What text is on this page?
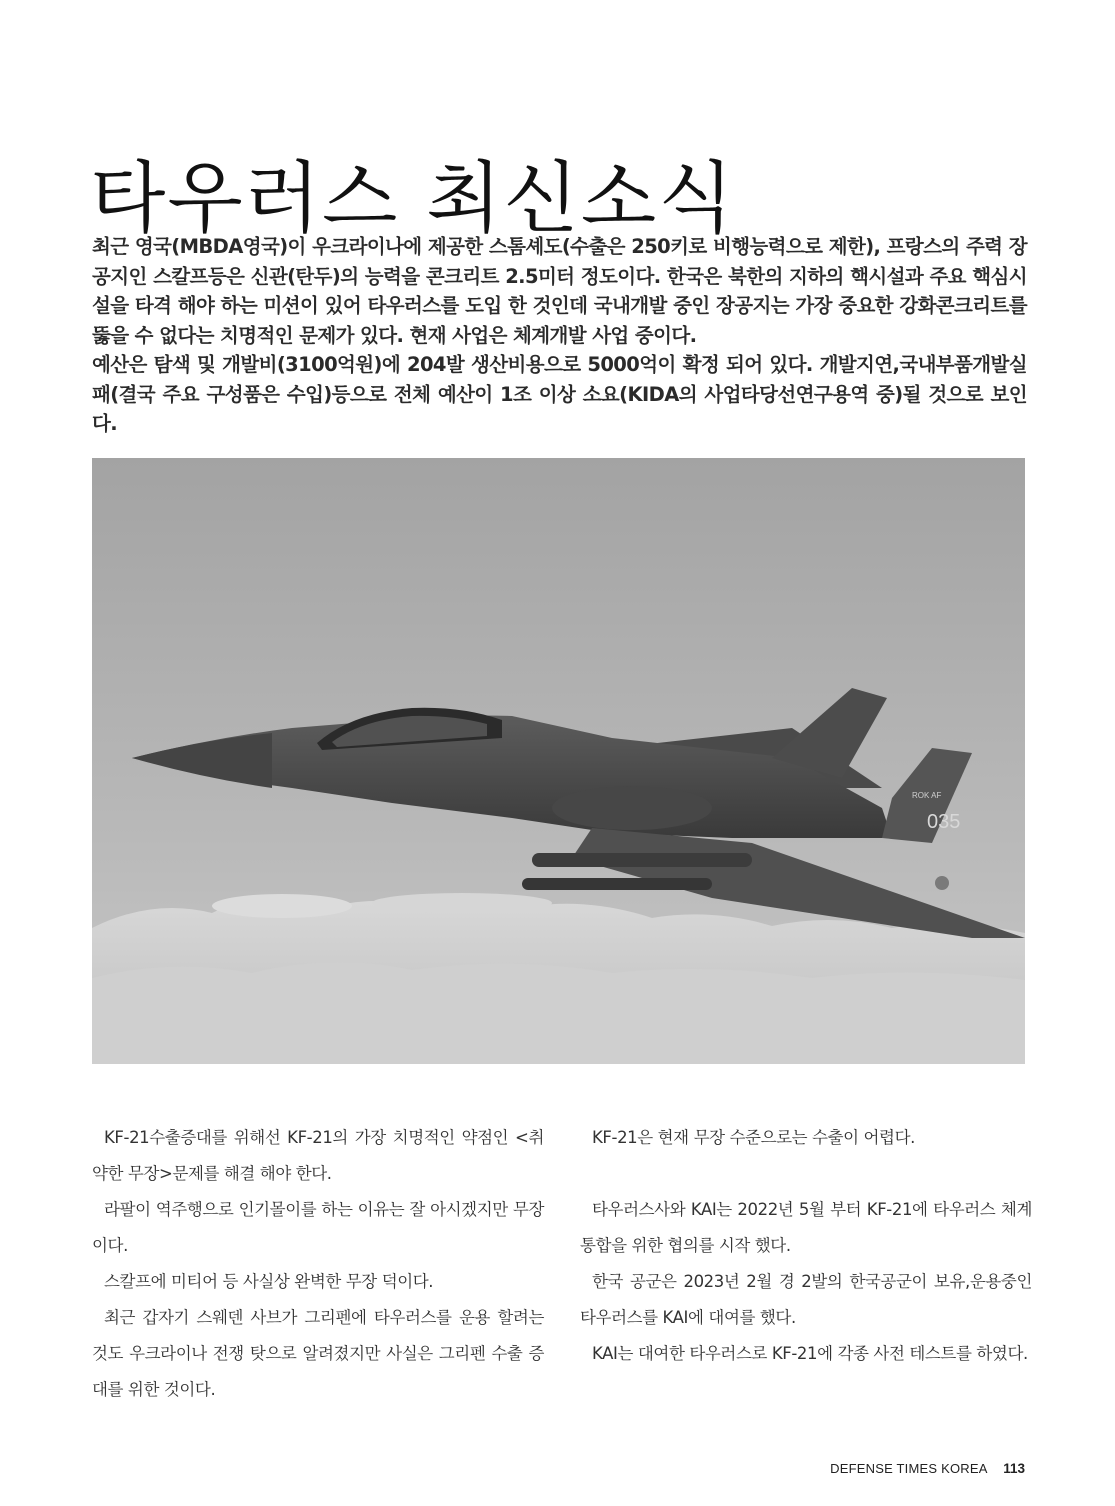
타우러스 최신소식

최근 영국(MBDA영국)이 우크라이나에 제공한 스톰셰도(수출은 250키로 비행능력으로 제한), 프랑스의 주력 장공지인 스칼프등은 신관(탄두)의 능력을 콘크리트 2.5미터 정도이다. 한국은 북한의 지하의 핵시설과 주요 핵심시설을 타격 해야 하는 미션이 있어 타우러스를 도입 한 것인데 국내개발 중인 장공지는 가장 중요한 강화콘크리트를 뚫을 수 없다는 치명적인 문제가 있다. 현재 사업은 체계개발 사업 중이다.

예산은 탐색 및 개발비(3100억원)에 204발 생산비용으로 5000억이 확정 되어 있다. 개발지연,국내부품개발실패(결국 주요 구성품은 수입)등으로 전체 예산이 1조 이상 소요(KIDA의 사업타당선연구용역 중)될 것으로 보인다.

ROK AF
035

KF-21수출증대를 위해선 KF-21의 가장 치명적인 약점인 <취약한 무장>문제를 해결 해야 한다.

라팔이 역주행으로 인기몰이를 하는 이유는 잘 아시겠지만 무장이다.

스칼프에 미티어 등 사실상 완벽한 무장 덕이다.

최근 갑자기 스웨덴 사브가 그리펜에 타우러스를 운용 할려는 것도 우크라이나 전쟁 탓으로 알려졌지만 사실은 그리펜 수출 증대를 위한 것이다.

KF-21은 현재 무장 수준으로는 수출이 어렵다.

타우러스사와 KAI는 2022년 5월 부터 KF-21에 타우러스 체계통합을 위한 협의를 시작 했다.

한국 공군은 2023년 2월 경 2발의 한국공군이 보유,운용중인 타우러스를 KAI에 대여를 했다.

KAI는 대여한 타우러스로 KF-21에 각종 사전 테스트를 하였다.

DEFENSE TIMES KOREA 113
